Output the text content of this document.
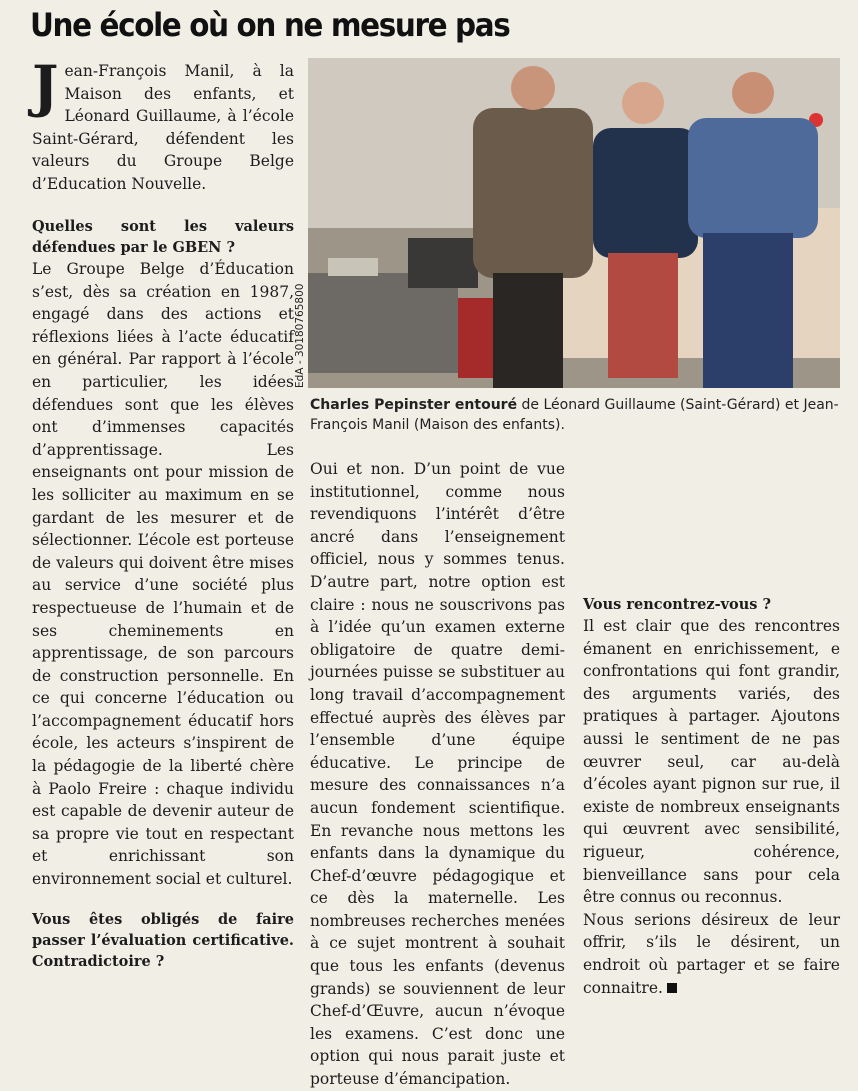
Une école où on ne mesure pas
Jean-François Manil, à la Maison des enfants, et Léonard Guillaume, à l’école Saint-Gérard, défendent les valeurs du Groupe Belge d’Education Nouvelle.
EdA - 30180765800
Charles Pepinster entouré de Léonard Guillaume (Saint-Gérard) et Jean-François Manil (Maison des enfants).

Quelles sont les valeurs défendues par le GBEN ?

Le Groupe Belge d’Éducation s’est, dès sa création en 1987, engagé dans des actions et réflexions liées à l’acte éducatif en général. Par rapport à l’école en particulier, les idées défendues sont que les élèves ont d’immenses capacités d’apprentissage. Les enseignants ont pour mission de les solliciter au maximum en se gardant de les mesurer et de sélectionner. L’école est porteuse de valeurs qui doivent être mises au service d’une société plus respectueuse de l’humain et de ses cheminements en apprentissage, de son parcours de construction personnelle. En ce qui concerne l’éducation ou l’accompagnement éducatif hors école, les acteurs s’inspirent de la pédagogie de la liberté chère à Paolo Freire : chaque individu est capable de devenir auteur de sa propre vie tout en respectant et enrichissant son environnement social et culturel.

Vous êtes obligés de faire passer l’évaluation certificative. Contradictoire ?

Oui et non. D’un point de vue institutionnel, comme nous revendiquons l’intérêt d’être ancré dans l’enseignement officiel, nous y sommes tenus. D’autre part, notre option est claire : nous ne souscrivons pas à l’idée qu’un examen externe obligatoire de quatre demi-journées puisse se substituer au long travail d’accompagnement effectué auprès des élèves par l’ensemble d’une équipe éducative. Le principe de mesure des connaissances n’a aucun fondement scientifique. En revanche nous mettons les enfants dans la dynamique du Chef-d’œuvre pédagogique et ce dès la maternelle. Les nombreuses recherches menées à ce sujet montrent à souhait que tous les enfants (devenus grands) se souviennent de leur Chef-d’Œuvre, aucun n’évoque les examens. C’est donc une option qui nous parait juste et porteuse d’émancipation.

Vous rencontrez-vous ?

Il est clair que des rencontres émanent en enrichissement, e confrontations qui font grandir, des arguments variés, des pratiques à partager. Ajoutons aussi le sentiment de ne pas œuvrer seul, car au-delà d’écoles ayant pignon sur rue, il existe de nombreux enseignants qui œuvrent avec sensibilité, rigueur, cohérence, bienveillance sans pour cela être connus ou reconnus.

Nous serions désireux de leur offrir, s’ils le désirent, un endroit où partager et se faire connaitre.
